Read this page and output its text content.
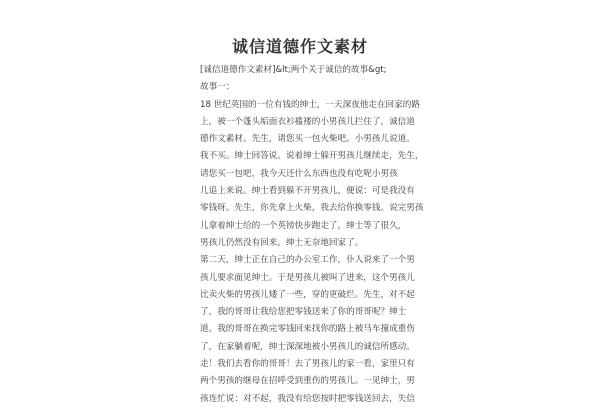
诚信道德作文素材
[诚信道德作文素材]&lt;两个关于诚信的故事&gt;
故事一：
18 世纪英国的一位有钱的绅士，一天深夜他走在回家的路
上，被一个蓬头垢面衣衫褴褛的小男孩儿拦住了，诚信道
德作文素材。先生，请您买一包火柴吧。小男孩儿说道。
我不买。绅士回答说。说着绅士躲开男孩儿继续走，先生，
请您买一包吧，我今天还什么东西也没有吃呢小男孩
儿追上来说。绅士看到躲不开男孩儿，便说：可是我没有
零钱呀。先生，你先拿上火柴，我去给你换零钱。说完男孩
儿拿着绅士给的一个英镑快步跑走了，绅士等了很久，
男孩儿仍然没有回来，绅士无奈地回家了。
第二天，绅士正在自己的办公室工作，仆人说来了一个男
孩儿要求面见绅士。于是男孩儿被叫了进来，这个男孩儿
比卖火柴的男孩儿矮了一些，穿的更破烂。先生，对不起
了，我的哥哥让我给您把零钱送来了你的哥哥呢？绅士
道。我的哥哥在换完零钱回来找你的路上被马车撞成重伤
了，在家躺着呢，绅士深深地被小男孩儿的诚信所感动。
走！我们去看你的哥哥！去了男孩儿的家一看，家里只有
两个男孩的继母在招呼受到重伤的男孩儿。一见绅士，男
孩连忙说：对不起，我没有给您按时把零钱送回去，失信
